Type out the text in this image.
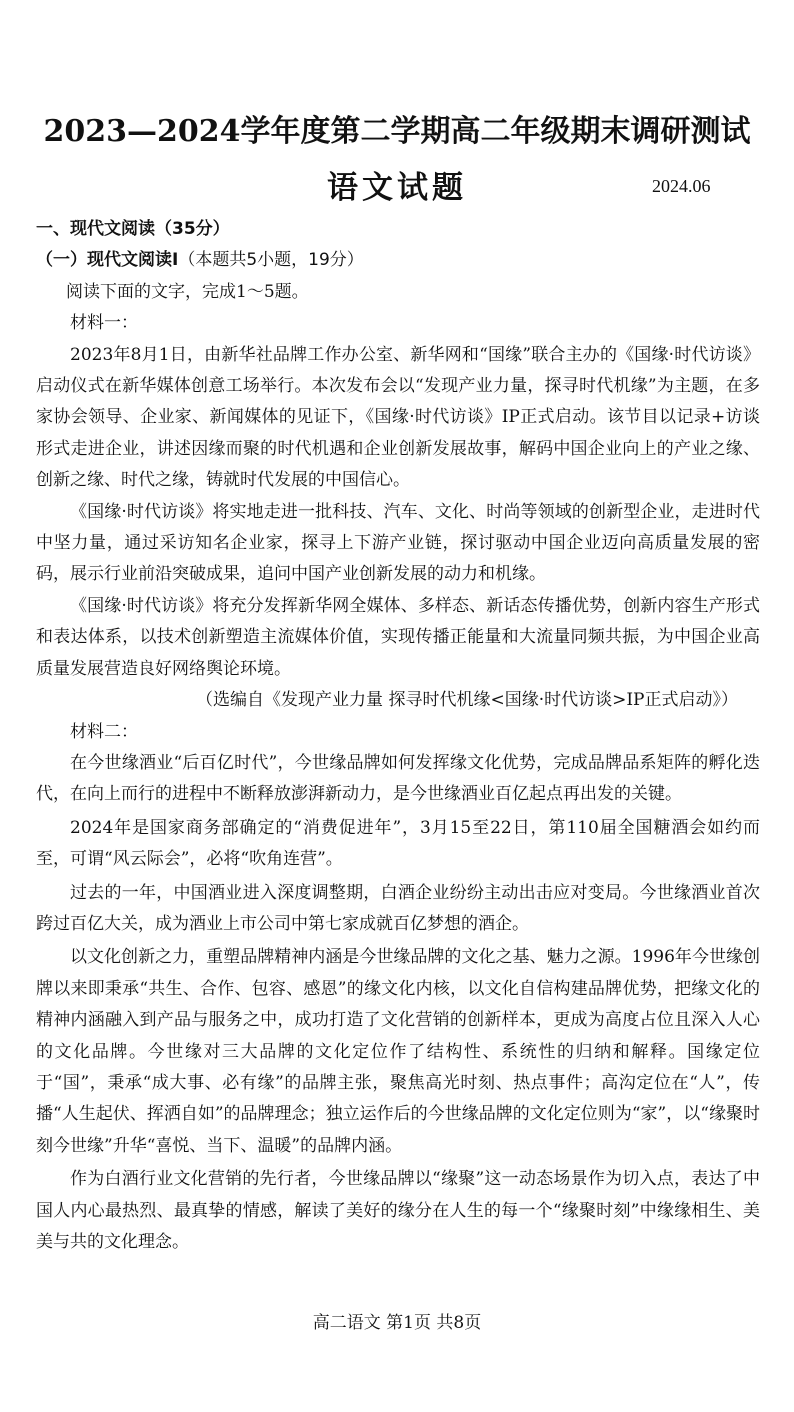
2023—2024学年度第二学期高二年级期末调研测试
语文试题	2024.06
一、现代文阅读（35分）
（一）现代文阅读Ⅰ（本题共5小题，19分）
阅读下面的文字，完成1～5题。
材料一：

2023年8月1日，由新华社品牌工作办公室、新华网和“国缘”联合主办的《国缘·时代访谈》启动仪式在新华媒体创意工场举行。本次发布会以“发现产业力量，探寻时代机缘”为主题，在多家协会领导、企业家、新闻媒体的见证下，《国缘·时代访谈》IP正式启动。该节目以记录+访谈形式走进企业，讲述因缘而聚的时代机遇和企业创新发展故事，解码中国企业向上的产业之缘、创新之缘、时代之缘，铸就时代发展的中国信心。

《国缘·时代访谈》将实地走进一批科技、汽车、文化、时尚等领域的创新型企业，走进时代中坚力量，通过采访知名企业家，探寻上下游产业链，探讨驱动中国企业迈向高质量发展的密码，展示行业前沿突破成果，追问中国产业创新发展的动力和机缘。

《国缘·时代访谈》将充分发挥新华网全媒体、多样态、新话态传播优势，创新内容生产形式和表达体系，以技术创新塑造主流媒体价值，实现传播正能量和大流量同频共振，为中国企业高质量发展营造良好网络舆论环境。

（选编自《发现产业力量 探寻时代机缘<国缘·时代访谈>IP正式启动》）

材料二：

在今世缘酒业“后百亿时代”，今世缘品牌如何发挥缘文化优势，完成品牌品系矩阵的孵化迭代，在向上而行的进程中不断释放澎湃新动力，是今世缘酒业百亿起点再出发的关键。

2024年是国家商务部确定的“消费促进年”，3月15至22日，第110届全国糖酒会如约而至，可谓“风云际会”，必将“吹角连营”。

过去的一年，中国酒业进入深度调整期，白酒企业纷纷主动出击应对变局。今世缘酒业首次跨过百亿大关，成为酒业上市公司中第七家成就百亿梦想的酒企。

以文化创新之力，重塑品牌精神内涵是今世缘品牌的文化之基、魅力之源。1996年今世缘创牌以来即秉承“共生、合作、包容、感恩”的缘文化内核，以文化自信构建品牌优势，把缘文化的精神内涵融入到产品与服务之中，成功打造了文化营销的创新样本，更成为高度占位且深入人心的文化品牌。今世缘对三大品牌的文化定位作了结构性、系统性的归纳和解释。国缘定位于“国”，秉承“成大事、必有缘”的品牌主张，聚焦高光时刻、热点事件；高沟定位在“人”，传播“人生起伏、挥洒自如”的品牌理念；独立运作后的今世缘品牌的文化定位则为“家”，以“缘聚时刻今世缘”升华“喜悦、当下、温暖”的品牌内涵。

作为白酒行业文化营销的先行者，今世缘品牌以“缘聚”这一动态场景作为切入点，表达了中国人内心最热烈、最真挚的情感，解读了美好的缘分在人生的每一个“缘聚时刻”中缘缘相生、美美与共的文化理念。

高二语文 第1页 共8页
